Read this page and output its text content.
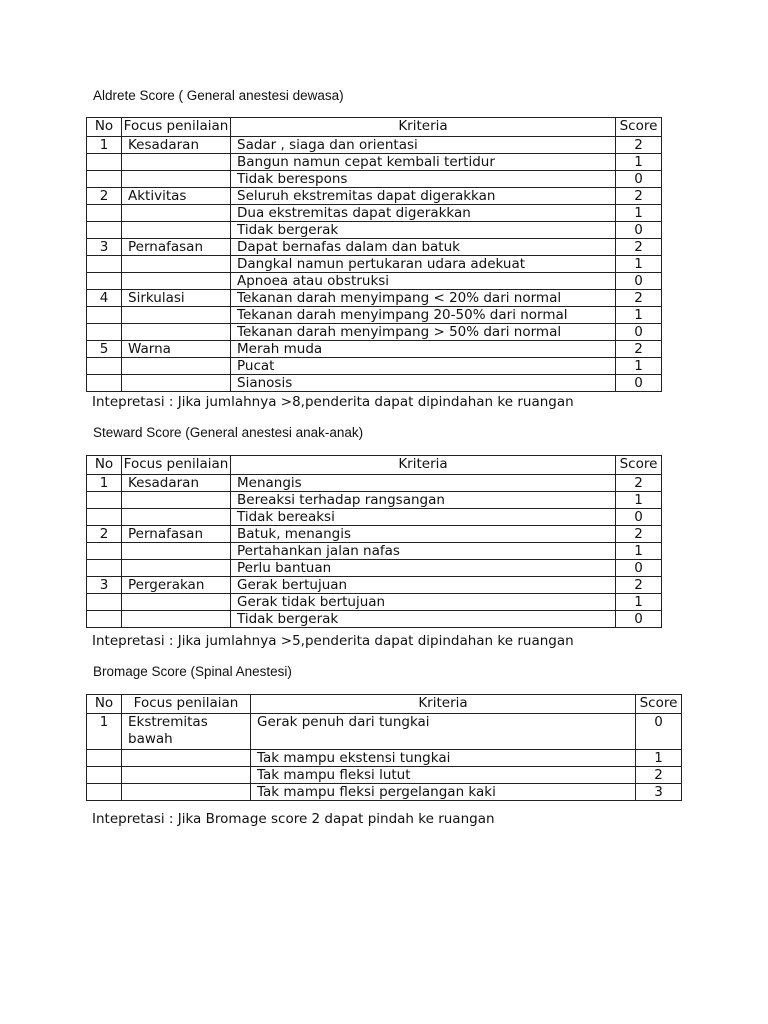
Aldrete Score ( General anestesi dewasa)
No	Focus penilaian	Kriteria	Score
1	Kesadaran	Sadar , siaga dan orientasi	2
		Bangun namun cepat kembali tertidur	1
		Tidak berespons	0
2	Aktivitas	Seluruh ekstremitas dapat digerakkan	2
		Dua ekstremitas dapat digerakkan	1
		Tidak bergerak	0
3	Pernafasan	Dapat bernafas dalam dan batuk	2
		Dangkal namun pertukaran udara adekuat	1
		Apnoea atau obstruksi	0
4	Sirkulasi	Tekanan darah menyimpang < 20% dari normal	2
		Tekanan darah menyimpang 20-50% dari normal	1
		Tekanan darah menyimpang > 50% dari normal	0
5	Warna	Merah muda	2
		Pucat	1
		Sianosis	0
Intepretasi : Jika jumlahnya >8,penderita dapat dipindahan ke ruangan
Steward Score (General anestesi anak-anak)
No	Focus penilaian	Kriteria	Score
1	Kesadaran	Menangis	2
		Bereaksi terhadap rangsangan	1
		Tidak bereaksi	0
2	Pernafasan	Batuk, menangis	2
		Pertahankan jalan nafas	1
		Perlu bantuan	0
3	Pergerakan	Gerak bertujuan	2
		Gerak tidak bertujuan	1
		Tidak bergerak	0
Intepretasi : Jika jumlahnya >5,penderita dapat dipindahan ke ruangan
Bromage Score (Spinal Anestesi)
No	Focus penilaian	Kriteria	Score
1	Ekstremitas bawah	Gerak penuh dari tungkai	0
		Tak mampu ekstensi tungkai	1
		Tak mampu fleksi lutut	2
		Tak mampu fleksi pergelangan kaki	3
Intepretasi : Jika Bromage score 2 dapat pindah ke ruangan
